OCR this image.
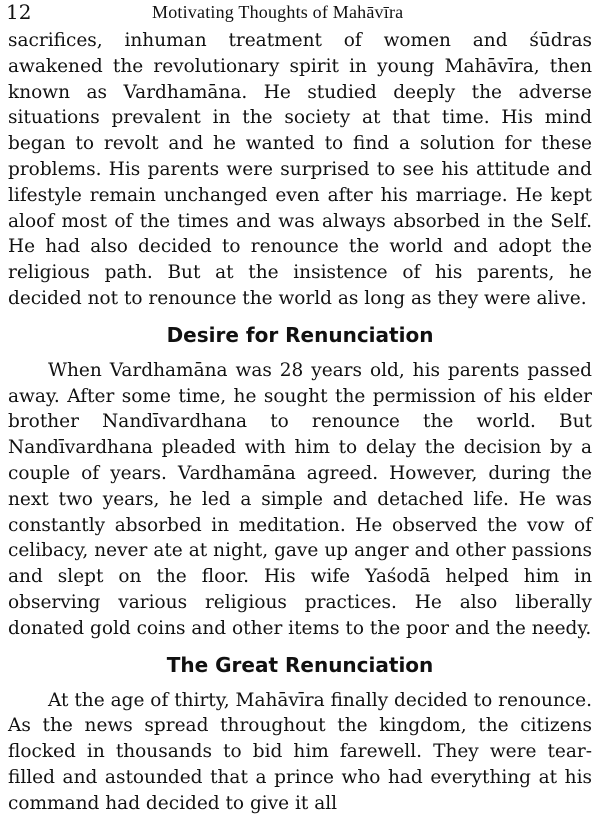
12	Motivating Thoughts of Mahāvīra

sacrifices, inhuman treatment of women and śūdras awakened the revolutionary spirit in young Mahāvīra, then known as Vardhamāna. He studied deeply the adverse situations prevalent in the society at that time. His mind began to revolt and he wanted to find a solution for these problems. His parents were surprised to see his attitude and lifestyle remain unchanged even after his marriage. He kept aloof most of the times and was always absorbed in the Self. He had also decided to renounce the world and adopt the religious path. But at the insistence of his parents, he decided not to renounce the world as long as they were alive.

Desire for Renunciation

When Vardhamāna was 28 years old, his parents passed away. After some time, he sought the permission of his elder brother Nandīvardhana to renounce the world. But Nandīvardhana pleaded with him to delay the decision by a couple of years. Vardhamāna agreed. However, during the next two years, he led a simple and detached life. He was constantly absorbed in meditation. He observed the vow of celibacy, never ate at night, gave up anger and other passions and slept on the floor. His wife Yaśodā helped him in observing various religious practices. He also liberally donated gold coins and other items to the poor and the needy.

The Great Renunciation

At the age of thirty, Mahāvīra finally decided to renounce. As the news spread throughout the kingdom, the citizens flocked in thousands to bid him farewell. They were tear-filled and astounded that a prince who had everything at his command had decided to give it all
